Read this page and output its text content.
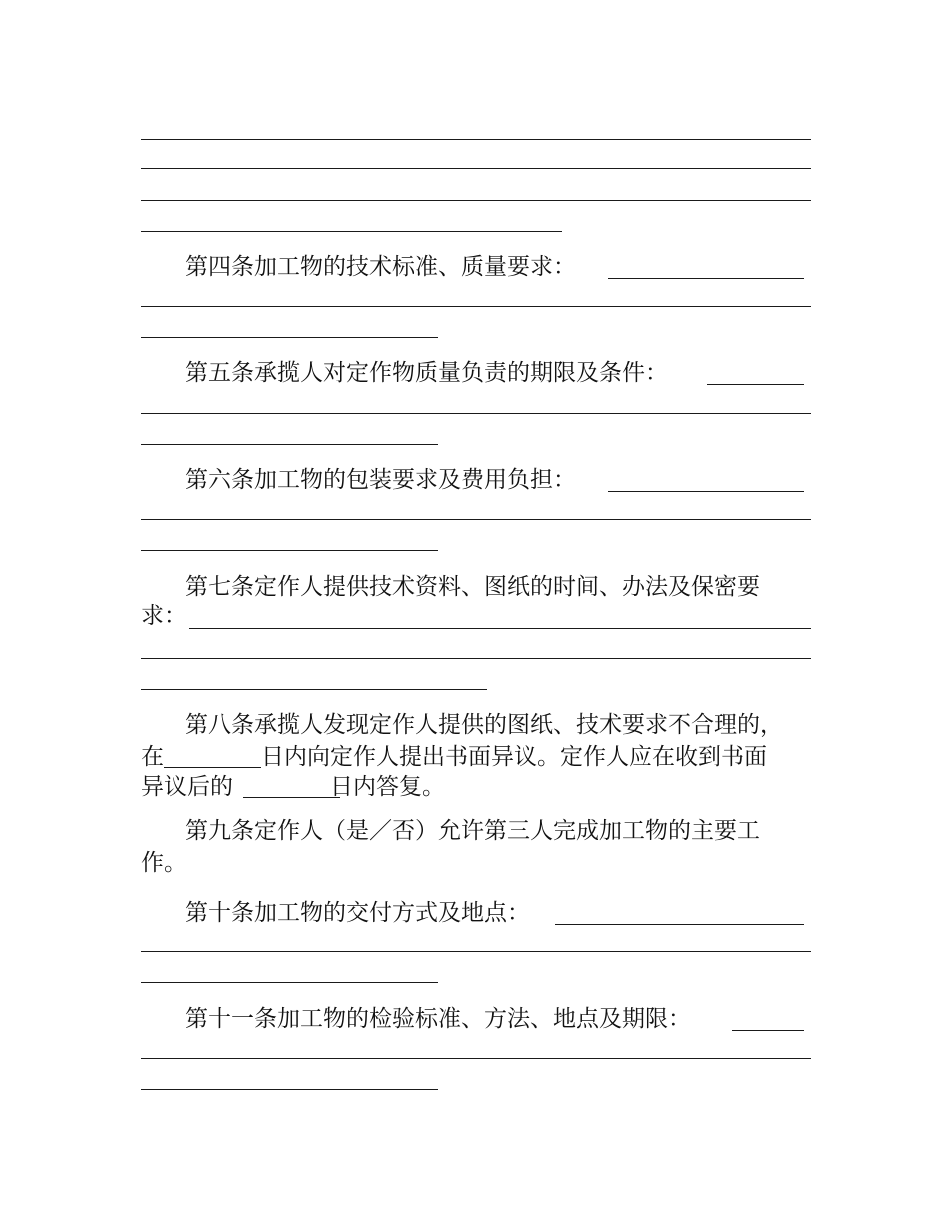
第四条加工物的技术标准、质量要求：
第五条承揽人对定作物质量负责的期限及条件：
第六条加工物的包装要求及费用负担：
第七条定作人提供技术资料、图纸的时间、办法及保密要
求：
第八条承揽人发现定作人提供的图纸、技术要求不合理的，
在	日内向定作人提出书面异议。定作人应在收到书面
异议后的	日内答复。
第九条定作人（是／否）允许第三人完成加工物的主要工
作。
第十条加工物的交付方式及地点：
第十一条加工物的检验标准、方法、地点及期限：
